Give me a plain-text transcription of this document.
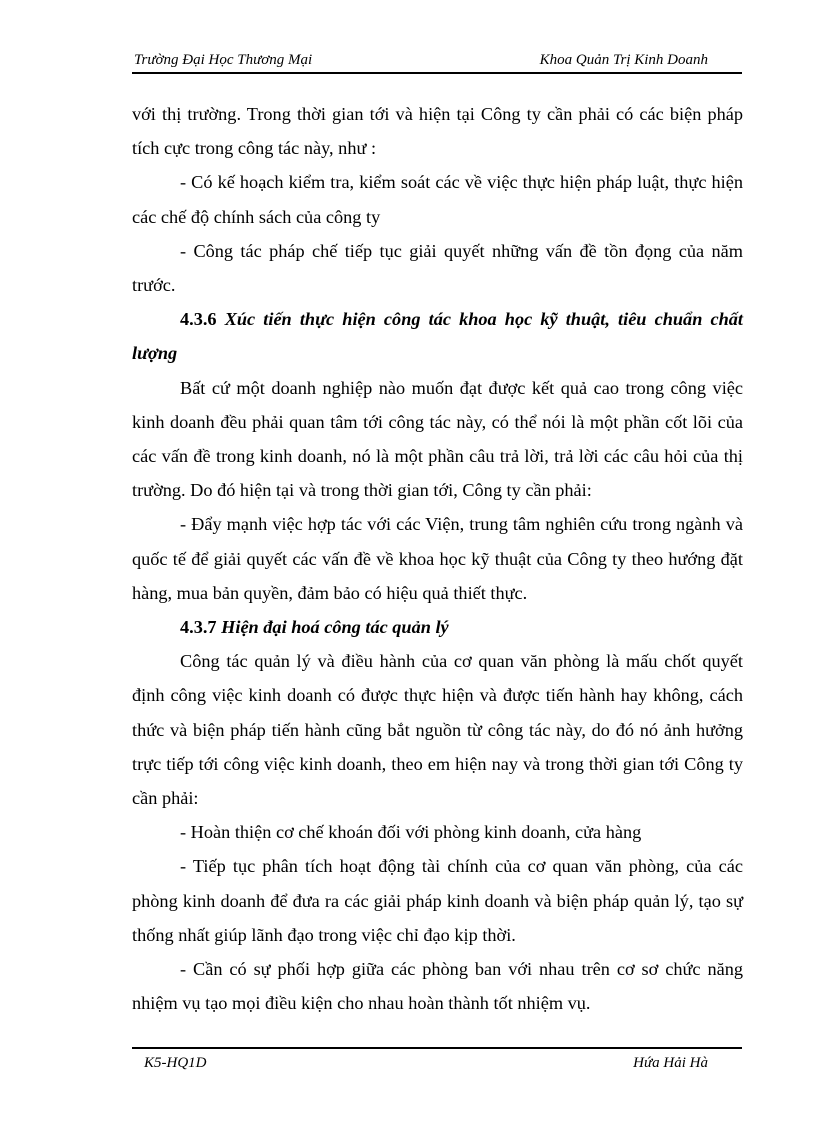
Trường Đại Học Thương Mại	Khoa Quản Trị Kinh Doanh

với thị trường. Trong thời gian tới và hiện tại Công ty cần phải có các biện pháp tích cực trong công tác này, như :

- Có kế hoạch kiểm tra, kiểm soát các về việc thực hiện pháp luật, thực hiện các chế độ chính sách của công ty

- Công tác pháp chế tiếp tục giải quyết những vấn đề tồn đọng của năm trước.

4.3.6 Xúc tiến thực hiện công tác khoa học kỹ thuật, tiêu chuẩn chất lượng

Bất cứ một doanh nghiệp nào muốn đạt được kết quả cao trong công việc kinh doanh đều phải quan tâm tới công tác này, có thể nói là một phần cốt lõi của các vấn đề trong kinh doanh, nó là một phần câu trả lời, trả lời các câu hỏi của thị trường. Do đó hiện tại và trong thời gian tới, Công ty cần phải:

- Đẩy mạnh việc hợp tác với các Viện, trung tâm nghiên cứu trong ngành và quốc tế để giải quyết các vấn đề về khoa học kỹ thuật của Công ty theo hướng đặt hàng, mua bản quyền, đảm bảo có hiệu quả thiết thực.

4.3.7 Hiện đại hoá công tác quản lý

Công tác quản lý và điều hành của cơ quan văn phòng là mấu chốt quyết định công việc kinh doanh có được thực hiện và được tiến hành hay không, cách thức và biện pháp tiến hành cũng bắt nguồn từ công tác này, do đó nó ảnh hưởng trực tiếp tới công việc kinh doanh, theo em hiện nay và trong thời gian tới Công ty cần phải:

- Hoàn thiện cơ chế khoán đối với phòng kinh doanh, cửa hàng

- Tiếp tục phân tích hoạt động tài chính của cơ quan văn phòng, của các phòng kinh doanh để đưa ra các giải pháp kinh doanh và biện pháp quản lý, tạo sự thống nhất giúp lãnh đạo trong việc chỉ đạo kịp thời.

- Cần có sự phối hợp giữa các phòng ban với nhau trên cơ sơ chức năng nhiệm vụ tạo mọi điều kiện cho nhau hoàn thành tốt nhiệm vụ.

K5-HQ1D	Hứa Hải Hà
